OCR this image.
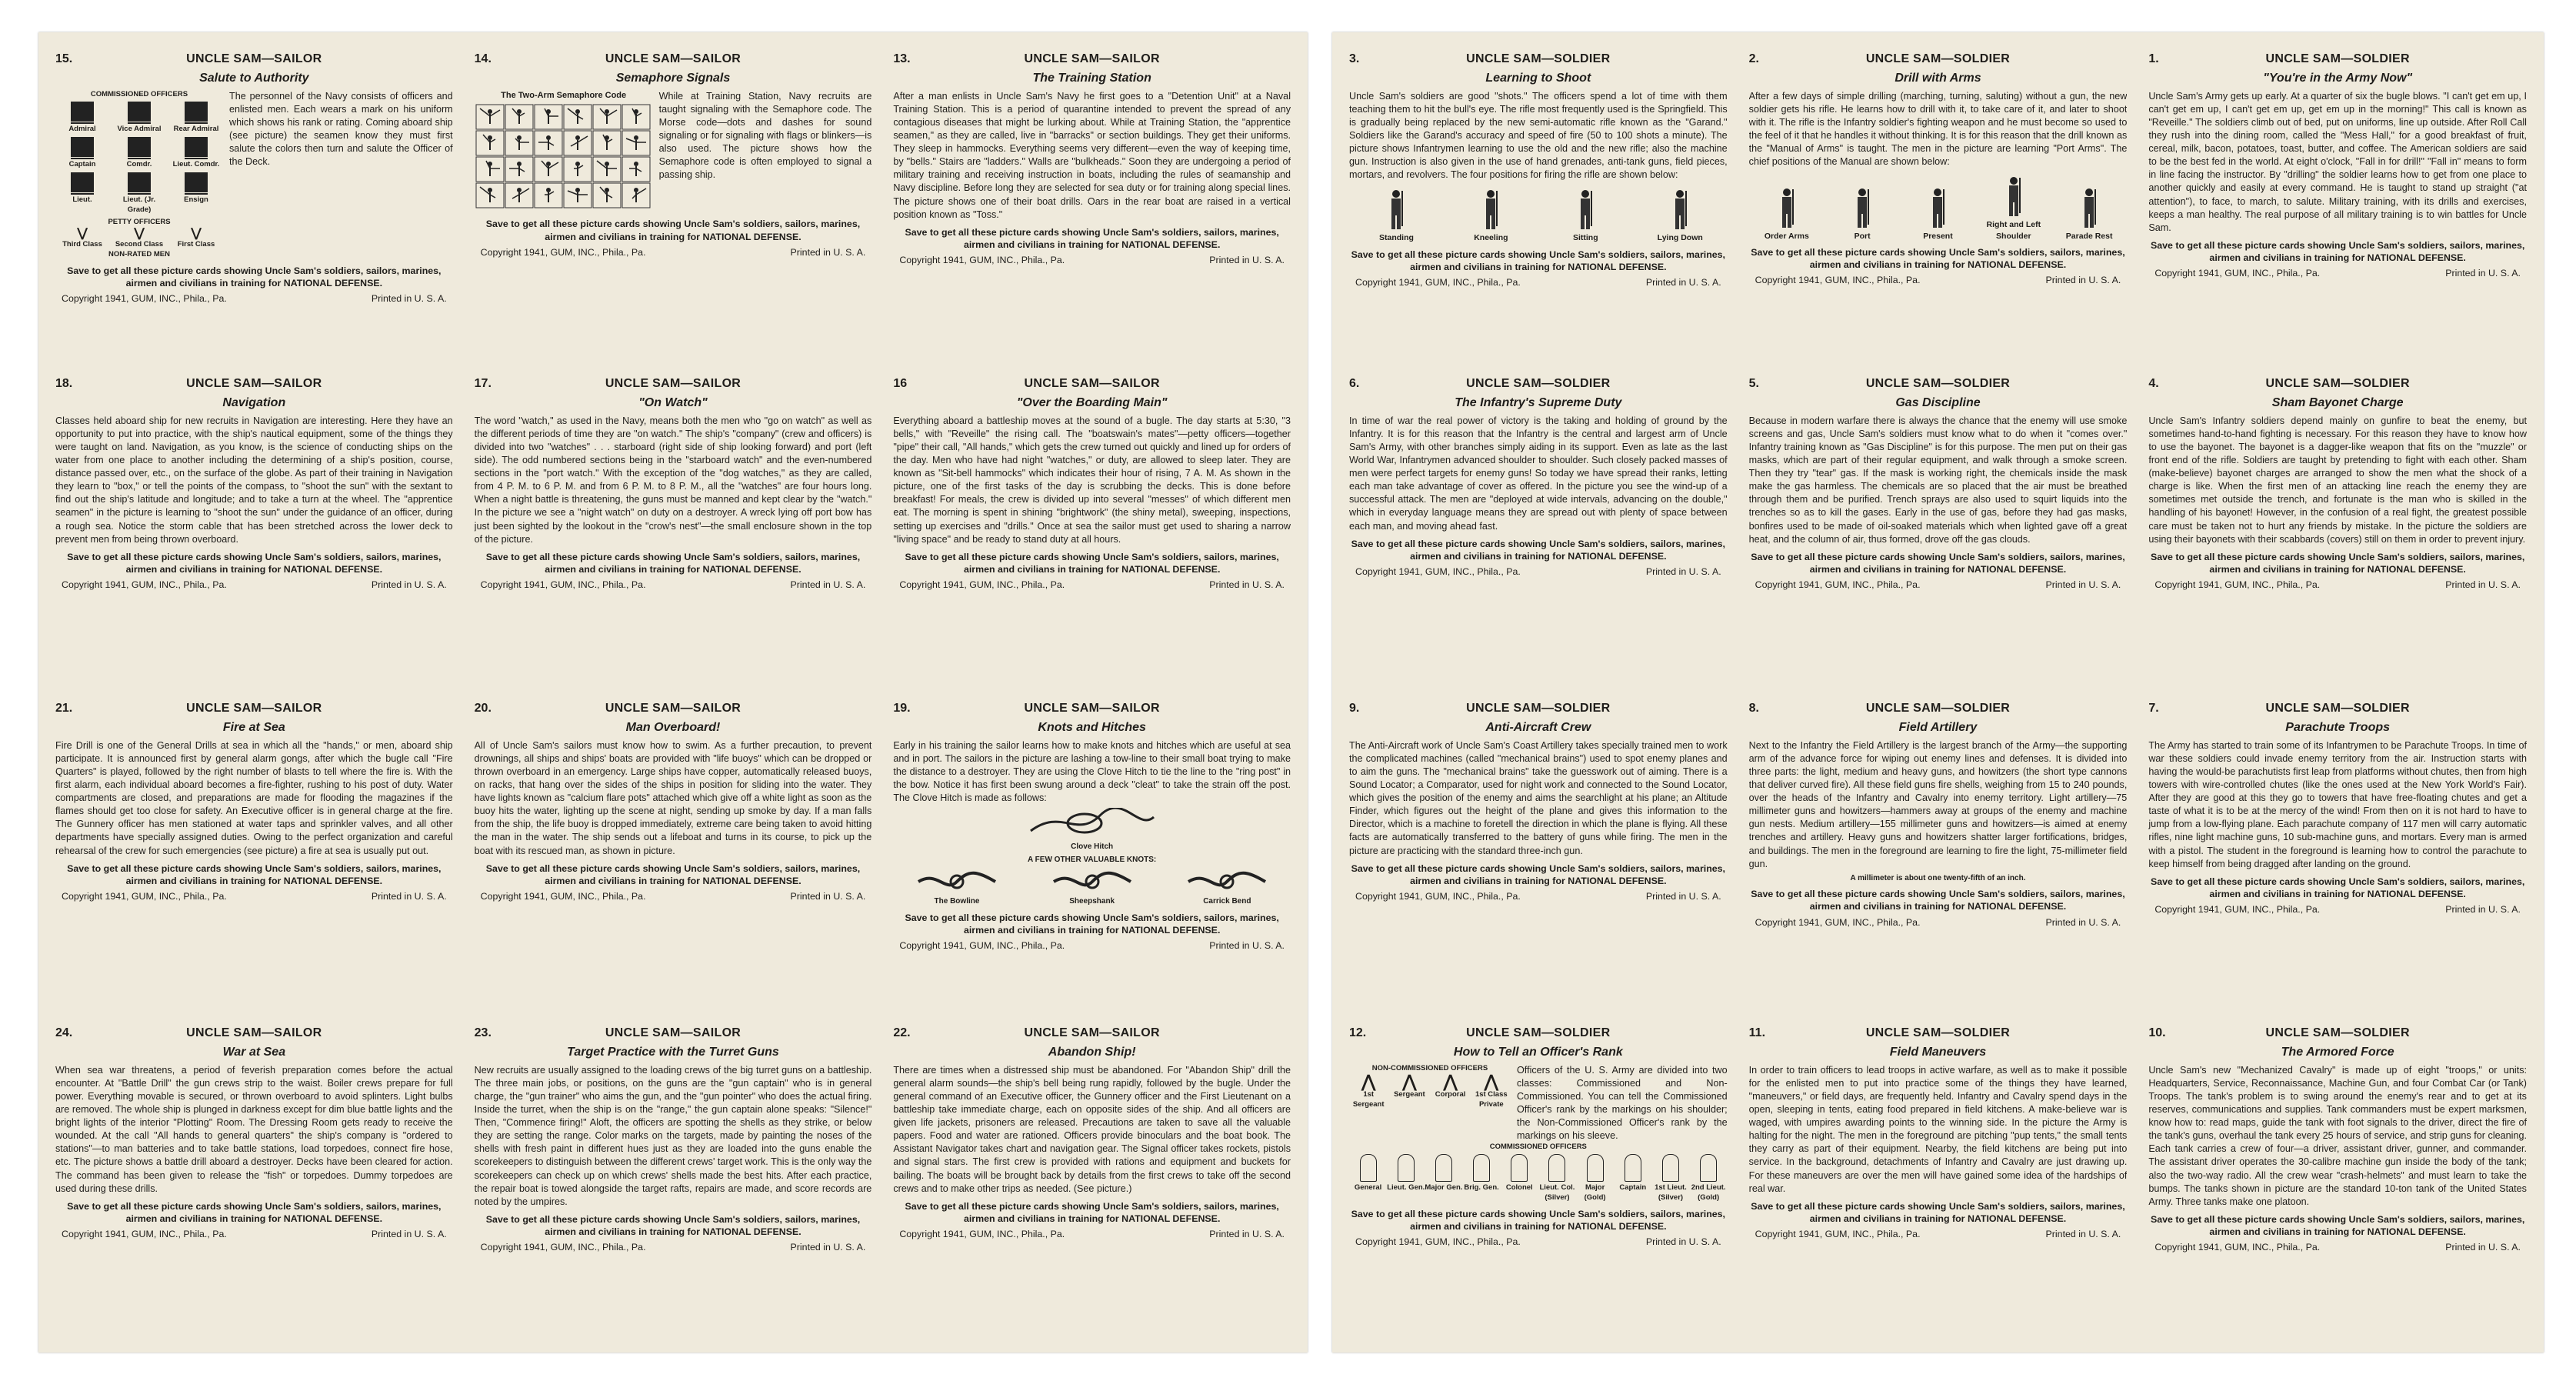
15.	UNCLE SAM—SAILOR
Salute to Authority
COMMISSIONED OFFICERS
Admiral	Vice Admiral	Rear Admiral
Captain	Comdr.	Lieut. Comdr.
Lieut.	Lieut. (Jr. Grade)
Ensign
PETTY OFFICERS
⋁
Third Class
⋁
Second Class
⋁
First Class
NON-RATED MEN
The personnel of the Navy consists of officers and enlisted men. Each wears a mark on his uniform which shows his rank or rating. Coming aboard ship (see picture) the seamen know they must first salute the colors then turn and salute the Officer of the Deck.
Save to get all these picture cards showing Uncle Sam's soldiers, sailors, marines, airmen and civilians in training for NATIONAL DEFENSE.
Copyright 1941, GUM, INC., Phila., Pa.	Printed in U. S. A.
14.	UNCLE SAM—SAILOR
Semaphore Signals
The Two-Arm Semaphore Code	While at Training Station, Navy recruits are taught signaling with the Semaphore code. The Morse code—dots and dashes for sound signaling or for signaling with flags or blinkers—is also used. The picture shows how the Semaphore code is often employed to signal a passing ship.
Save to get all these picture cards showing Uncle Sam's soldiers, sailors, marines, airmen and civilians in training for NATIONAL DEFENSE.
Copyright 1941, GUM, INC., Phila., Pa.	Printed in U. S. A.
13.	UNCLE SAM—SAILOR
The Training Station
After a man enlists in Uncle Sam's Navy he first goes to a "Detention Unit" at a Naval Training Station. This is a period of quarantine intended to prevent the spread of any contagious diseases that might be lurking about. While at Training Station, the "apprentice seamen," as they are called, live in "barracks" or section buildings. They get their uniforms. They sleep in hammocks. Everything seems very different—even the way of keeping time, by "bells." Stairs are "ladders." Walls are "bulkheads." Soon they are undergoing a period of military training and receiving instruction in boats, including the rules of seamanship and Navy discipline. Before long they are selected for sea duty or for training along special lines. The picture shows one of their boat drills. Oars in the rear boat are raised in a vertical position known as "Toss."
Save to get all these picture cards showing Uncle Sam's soldiers, sailors, marines, airmen and civilians in training for NATIONAL DEFENSE.
Copyright 1941, GUM, INC., Phila., Pa.	Printed in U. S. A.
18.	UNCLE SAM—SAILOR
Navigation
Classes held aboard ship for new recruits in Navigation are interesting. Here they have an opportunity to put into practice, with the ship's nautical equipment, some of the things they were taught on land. Navigation, as you know, is the science of conducting ships on the water from one place to another including the determining of a ship's position, course, distance passed over, etc., on the surface of the globe. As part of their training in Navigation they learn to "box," or tell the points of the compass, to "shoot the sun" with the sextant to find out the ship's latitude and longitude; and to take a turn at the wheel. The "apprentice seamen" in the picture is learning to "shoot the sun" under the guidance of an officer, during a rough sea. Notice the storm cable that has been stretched across the lower deck to prevent men from being thrown overboard.
Save to get all these picture cards showing Uncle Sam's soldiers, sailors, marines, airmen and civilians in training for NATIONAL DEFENSE.
Copyright 1941, GUM, INC., Phila., Pa.	Printed in U. S. A.
17.	UNCLE SAM—SAILOR
"On Watch"
The word "watch," as used in the Navy, means both the men who "go on watch" as well as the different periods of time they are "on watch." The ship's "company" (crew and officers) is divided into two "watches" . . . starboard (right side of ship looking forward) and port (left side). The odd numbered sections being in the "starboard watch" and the even-numbered sections in the "port watch." With the exception of the "dog watches," as they are called, from 4 P. M. to 6 P. M. and from 6 P. M. to 8 P. M., all the "watches" are four hours long. When a night battle is threatening, the guns must be manned and kept clear by the "watch." In the picture we see a "night watch" on duty on a destroyer. A wreck lying off port bow has just been sighted by the lookout in the "crow's nest"—the small enclosure shown in the top of the picture.
Save to get all these picture cards showing Uncle Sam's soldiers, sailors, marines, airmen and civilians in training for NATIONAL DEFENSE.
Copyright 1941, GUM, INC., Phila., Pa.	Printed in U. S. A.
16	UNCLE SAM—SAILOR
"Over the Boarding Main"
Everything aboard a battleship moves at the sound of a bugle. The day starts at 5:30, "3 bells," with "Reveille" the rising call. The "boatswain's mates"—petty officers—together "pipe" their call, "All hands," which gets the crew turned out quickly and lined up for orders of the day. Men who have had night "watches," or duty, are allowed to sleep later. They are known as "Sit-bell hammocks" which indicates their hour of rising, 7 A. M. As shown in the picture, one of the first tasks of the day is scrubbing the decks. This is done before breakfast! For meals, the crew is divided up into several "messes" of which different men eat. The morning is spent in shining "brightwork" (the shiny metal), sweeping, inspections, setting up exercises and "drills." Once at sea the sailor must get used to sharing a narrow "living space" and be ready to stand duty at all hours.
Save to get all these picture cards showing Uncle Sam's soldiers, sailors, marines, airmen and civilians in training for NATIONAL DEFENSE.
Copyright 1941, GUM, INC., Phila., Pa.	Printed in U. S. A.
21.	UNCLE SAM—SAILOR
Fire at Sea
Fire Drill is one of the General Drills at sea in which all the "hands," or men, aboard ship participate. It is announced first by general alarm gongs, after which the bugle call "Fire Quarters" is played, followed by the right number of blasts to tell where the fire is. With the first alarm, each individual aboard becomes a fire-fighter, rushing to his post of duty. Water compartments are closed, and preparations are made for flooding the magazines if the flames should get too close for safety. An Executive officer is in general charge at the fire. The Gunnery officer has men stationed at water taps and sprinkler valves, and all other departments have specially assigned duties. Owing to the perfect organization and careful rehearsal of the crew for such emergencies (see picture) a fire at sea is usually put out.
Save to get all these picture cards showing Uncle Sam's soldiers, sailors, marines, airmen and civilians in training for NATIONAL DEFENSE.
Copyright 1941, GUM, INC., Phila., Pa.	Printed in U. S. A.
20.	UNCLE SAM—SAILOR
Man Overboard!
All of Uncle Sam's sailors must know how to swim. As a further precaution, to prevent drownings, all ships and ships' boats are provided with "life buoys" which can be dropped or thrown overboard in an emergency. Large ships have copper, automatically released buoys, on racks, that hang over the sides of the ships in position for sliding into the water. They have lights known as "calcium flare pots" attached which give off a white light as soon as the buoy hits the water, lighting up the scene at night, sending up smoke by day. If a man falls from the ship, the life buoy is dropped immediately, extreme care being taken to avoid hitting the man in the water. The ship sends out a lifeboat and turns in its course, to pick up the boat with its rescued man, as shown in picture.
Save to get all these picture cards showing Uncle Sam's soldiers, sailors, marines, airmen and civilians in training for NATIONAL DEFENSE.
Copyright 1941, GUM, INC., Phila., Pa.	Printed in U. S. A.
19.	UNCLE SAM—SAILOR
Knots and Hitches
Early in his training the sailor learns how to make knots and hitches which are useful at sea and in port. The sailors in the picture are lashing a tow-line to their small boat trying to make the distance to a destroyer. They are using the Clove Hitch to tie the line to the "ring post" in the bow. Notice it has first been swung around a deck "cleat" to take the strain off the post. The Clove Hitch is made as follows:
Clove Hitch
A FEW OTHER VALUABLE KNOTS:
The Bowline	Sheepshank	Carrick Bend
Save to get all these picture cards showing Uncle Sam's soldiers, sailors, marines, airmen and civilians in training for NATIONAL DEFENSE.
Copyright 1941, GUM, INC., Phila., Pa.	Printed in U. S. A.
24.	UNCLE SAM—SAILOR
War at Sea
When sea war threatens, a period of feverish preparation comes before the actual encounter. At "Battle Drill" the gun crews strip to the waist. Boiler crews prepare for full power. Everything movable is secured, or thrown overboard to avoid splinters. Light bulbs are removed. The whole ship is plunged in darkness except for dim blue battle lights and the bright lights of the interior "Plotting" Room. The Dressing Room gets ready to receive the wounded. At the call "All hands to general quarters" the ship's company is "ordered to stations"—to man batteries and to take battle stations, load torpedoes, connect fire hose, etc. The picture shows a battle drill aboard a destroyer. Decks have been cleared for action. The command has been given to release the "fish" or torpedoes. Dummy torpedoes are used during these drills.
Save to get all these picture cards showing Uncle Sam's soldiers, sailors, marines, airmen and civilians in training for NATIONAL DEFENSE.
Copyright 1941, GUM, INC., Phila., Pa.	Printed in U. S. A.
23.	UNCLE SAM—SAILOR
Target Practice with the Turret Guns
New recruits are usually assigned to the loading crews of the big turret guns on a battleship. The three main jobs, or positions, on the guns are the "gun captain" who is in general charge, the "gun trainer" who aims the gun, and the "gun pointer" who does the actual firing. Inside the turret, when the ship is on the "range," the gun captain alone speaks: "Silence!" Then, "Commence firing!" Aloft, the officers are spotting the shells as they strike, or below they are setting the range. Color marks on the targets, made by painting the noses of the shells with fresh paint in different hues just as they are loaded into the guns enable the scorekeepers to distinguish between the different crews' target work. This is the only way the scorekeepers can check up on which crews' shells made the best hits. After each practice, the repair boat is towed alongside the target rafts, repairs are made, and score records are noted by the umpires.
Save to get all these picture cards showing Uncle Sam's soldiers, sailors, marines, airmen and civilians in training for NATIONAL DEFENSE.
Copyright 1941, GUM, INC., Phila., Pa.	Printed in U. S. A.
22.	UNCLE SAM—SAILOR
Abandon Ship!
There are times when a distressed ship must be abandoned. For "Abandon Ship" drill the general alarm sounds—the ship's bell being rung rapidly, followed by the bugle. Under the general command of an Executive officer, the Gunnery officer and the First Lieutenant on a battleship take immediate charge, each on opposite sides of the ship. And all officers are given life jackets, prisoners are released. Precautions are taken to save all the valuable papers. Food and water are rationed. Officers provide binoculars and the boat book. The Assistant Navigator takes chart and navigation gear. The Signal officer takes rockets, pistols and signal stars. The first crew is provided with rations and equipment and buckets for bailing. The boats will be brought back by details from the first crews to take off the second crews and to make other trips as needed. (See picture.)
Save to get all these picture cards showing Uncle Sam's soldiers, sailors, marines, airmen and civilians in training for NATIONAL DEFENSE.
Copyright 1941, GUM, INC., Phila., Pa.	Printed in U. S. A.
3.	UNCLE SAM—SOLDIER
Learning to Shoot
Uncle Sam's soldiers are good "shots." The officers spend a lot of time with them teaching them to hit the bull's eye. The rifle most frequently used is the Springfield. This is gradually being replaced by the new semi-automatic rifle known as the "Garand." Soldiers like the Garand's accuracy and speed of fire (50 to 100 shots a minute). The picture shows Infantrymen learning to use the old and the new rifle; also the machine gun. Instruction is also given in the use of hand grenades, anti-tank guns, field pieces, mortars, and revolvers. The four positions for firing the rifle are shown below:
Standing	Kneeling	Sitting	Lying Down
Save to get all these picture cards showing Uncle Sam's soldiers, sailors, marines, airmen and civilians in training for NATIONAL DEFENSE.
Copyright 1941, GUM, INC., Phila., Pa.	Printed in U. S. A.
2.	UNCLE SAM—SOLDIER
Drill with Arms
After a few days of simple drilling (marching, turning, saluting) without a gun, the new soldier gets his rifle. He learns how to drill with it, to take care of it, and later to shoot with it. The rifle is the Infantry soldier's fighting weapon and he must become so used to the feel of it that he handles it without thinking. It is for this reason that the drill known as the "Manual of Arms" is taught. The men in the picture are learning "Port Arms". The chief positions of the Manual are shown below:
Order Arms	Port	Present
Right and Left Shoulder	Parade Rest
Save to get all these picture cards showing Uncle Sam's soldiers, sailors, marines, airmen and civilians in training for NATIONAL DEFENSE.
Copyright 1941, GUM, INC., Phila., Pa.	Printed in U. S. A.
1.	UNCLE SAM—SOLDIER
"You're in the Army Now"
Uncle Sam's Army gets up early. At a quarter of six the bugle blows. "I can't get em up, I can't get em up, I can't get em up, get em up in the morning!" This call is known as "Reveille." The soldiers climb out of bed, put on uniforms, line up outside. After Roll Call they rush into the dining room, called the "Mess Hall," for a good breakfast of fruit, cereal, milk, bacon, potatoes, toast, butter, and coffee. The American soldiers are said to be the best fed in the world. At eight o'clock, "Fall in for drill!" "Fall in" means to form in line facing the instructor. By "drilling" the soldier learns how to get from one place to another quickly and easily at every command. He is taught to stand up straight ("at attention"), to face, to march, to salute. Military training, with its drills and exercises, keeps a man healthy. The real purpose of all military training is to win battles for Uncle Sam.
Save to get all these picture cards showing Uncle Sam's soldiers, sailors, marines, airmen and civilians in training for NATIONAL DEFENSE.
Copyright 1941, GUM, INC., Phila., Pa.	Printed in U. S. A.
6.	UNCLE SAM—SOLDIER
The Infantry's Supreme Duty
In time of war the real power of victory is the taking and holding of ground by the Infantry. It is for this reason that the Infantry is the central and largest arm of Uncle Sam's Army, with other branches simply aiding in its support. Even as late as the last World War, Infantrymen advanced shoulder to shoulder. Such closely packed masses of men were perfect targets for enemy guns! So today we have spread their ranks, letting each man take advantage of cover as offered. In the picture you see the wind-up of a successful attack. The men are "deployed at wide intervals, advancing on the double," which in everyday language means they are spread out with plenty of space between each man, and moving ahead fast.
Save to get all these picture cards showing Uncle Sam's soldiers, sailors, marines, airmen and civilians in training for NATIONAL DEFENSE.
Copyright 1941, GUM, INC., Phila., Pa.	Printed in U. S. A.
5.	UNCLE SAM—SOLDIER
Gas Discipline
Because in modern warfare there is always the chance that the enemy will use smoke screens and gas, Uncle Sam's soldiers must know what to do when it "comes over." Infantry training known as "Gas Discipline" is for this purpose. The men put on their gas masks, which are part of their regular equipment, and walk through a smoke screen. Then they try "tear" gas. If the mask is working right, the chemicals inside the mask make the gas harmless. The chemicals are so placed that the air must be breathed through them and be purified. Trench sprays are also used to squirt liquids into the trenches so as to kill the gases. Early in the use of gas, before they had gas masks, bonfires used to be made of oil-soaked materials which when lighted gave off a great heat, and the column of air, thus formed, drove off the gas clouds.
Save to get all these picture cards showing Uncle Sam's soldiers, sailors, marines, airmen and civilians in training for NATIONAL DEFENSE.
Copyright 1941, GUM, INC., Phila., Pa.	Printed in U. S. A.
4.	UNCLE SAM—SOLDIER
Sham Bayonet Charge
Uncle Sam's Infantry soldiers depend mainly on gunfire to beat the enemy, but sometimes hand-to-hand fighting is necessary. For this reason they have to know how to use the bayonet. The bayonet is a dagger-like weapon that fits on the "muzzle" or front end of the rifle. Soldiers are taught by pretending to fight with each other. Sham (make-believe) bayonet charges are arranged to show the men what the shock of a charge is like. When the first men of an attacking line reach the enemy they are sometimes met outside the trench, and fortunate is the man who is skilled in the handling of his bayonet! However, in the confusion of a real fight, the greatest possible care must be taken not to hurt any friends by mistake. In the picture the soldiers are using their bayonets with their scabbards (covers) still on them in order to prevent injury.
Save to get all these picture cards showing Uncle Sam's soldiers, sailors, marines, airmen and civilians in training for NATIONAL DEFENSE.
Copyright 1941, GUM, INC., Phila., Pa.	Printed in U. S. A.
9.	UNCLE SAM—SOLDIER
Anti-Aircraft Crew
The Anti-Aircraft work of Uncle Sam's Coast Artillery takes specially trained men to work the complicated machines (called "mechanical brains") used to spot enemy planes and to aim the guns. The "mechanical brains" take the guesswork out of aiming. There is a Sound Locator; a Comparator, used for night work and connected to the Sound Locator, which gives the position of the enemy and aims the searchlight at his plane; an Altitude Finder, which figures out the height of the plane and gives this information to the Director, which is a machine to foretell the direction in which the plane is flying. All these facts are automatically transferred to the battery of guns while firing. The men in the picture are practicing with the standard three-inch gun.
Save to get all these picture cards showing Uncle Sam's soldiers, sailors, marines, airmen and civilians in training for NATIONAL DEFENSE.
Copyright 1941, GUM, INC., Phila., Pa.	Printed in U. S. A.
8.	UNCLE SAM—SOLDIER
Field Artillery
Next to the Infantry the Field Artillery is the largest branch of the Army—the supporting arm of the advance force for wiping out enemy lines and defenses. It is divided into three parts: the light, medium and heavy guns, and howitzers (the short type cannons that deliver curved fire). All these field guns fire shells, weighing from 15 to 240 pounds, over the heads of the Infantry and Cavalry into enemy territory. Light artillery—75 millimeter guns and howitzers—hammers away at groups of the enemy and machine gun nests. Medium artillery—155 millimeter guns and howitzers—is aimed at enemy trenches and artillery. Heavy guns and howitzers shatter larger fortifications, bridges, and buildings. The men in the foreground are learning to fire the light, 75-millimeter field gun.
A millimeter is about one twenty-fifth of an inch.
Save to get all these picture cards showing Uncle Sam's soldiers, sailors, marines, airmen and civilians in training for NATIONAL DEFENSE.
Copyright 1941, GUM, INC., Phila., Pa.	Printed in U. S. A.
7.	UNCLE SAM—SOLDIER
Parachute Troops
The Army has started to train some of its Infantrymen to be Parachute Troops. In time of war these soldiers could invade enemy territory from the air. Instruction starts with having the would-be parachutists first leap from platforms without chutes, then from high towers with wire-controlled chutes (like the ones used at the New York World's Fair). After they are good at this they go to towers that have free-floating chutes and get a taste of what it is to be at the mercy of the wind! From then on it is not hard to have to jump from a low-flying plane. Each parachute company of 117 men will carry automatic rifles, nine light machine guns, 10 sub-machine guns, and mortars. Every man is armed with a pistol. The student in the foreground is learning how to control the parachute to keep himself from being dragged after landing on the ground.
Save to get all these picture cards showing Uncle Sam's soldiers, sailors, marines, airmen and civilians in training for NATIONAL DEFENSE.
Copyright 1941, GUM, INC., Phila., Pa.	Printed in U. S. A.
12.	UNCLE SAM—SOLDIER
How to Tell an Officer's Rank
NON-COMMISSIONED OFFICERS
⋀
1st Sergeant
⋀
Sergeant
⋀
Corporal
⋀
1st Class Private
Officers of the U. S. Army are divided into two classes: Commissioned and Non-Commissioned. You can tell the Commissioned Officer's rank by the markings on his shoulder; the Non-Commissioned Officer's rank by the markings on his sleeve.
COMMISSIONED OFFICERS
General Lieut. Gen. Major Gen. Brig. Gen. Colonel Lieut. Col. (Silver)
Major (Gold)
Captain	1st Lieut. (Silver)
2nd Lieut. (Gold)
Save to get all these picture cards showing Uncle Sam's soldiers, sailors, marines, airmen and civilians in training for NATIONAL DEFENSE.
Copyright 1941, GUM, INC., Phila., Pa.	Printed in U. S. A.
11.	UNCLE SAM—SOLDIER
Field Maneuvers
In order to train officers to lead troops in active warfare, as well as to make it possible for the enlisted men to put into practice some of the things they have learned, "maneuvers," or field days, are frequently held. Infantry and Cavalry spend days in the open, sleeping in tents, eating food prepared in field kitchens. A make-believe war is waged, with umpires awarding points to the winning side. In the picture the Army is halting for the night. The men in the foreground are pitching "pup tents," the small tents they carry as part of their equipment. Nearby, the field kitchens are being put into service. In the background, detachments of Infantry and Cavalry are just drawing up. For these maneuvers are over the men will have gained some idea of the hardships of real war.
Save to get all these picture cards showing Uncle Sam's soldiers, sailors, marines, airmen and civilians in training for NATIONAL DEFENSE.
Copyright 1941, GUM, INC., Phila., Pa.	Printed in U. S. A.
10.	UNCLE SAM—SOLDIER
The Armored Force
Uncle Sam's new "Mechanized Cavalry" is made up of eight "troops," or units: Headquarters, Service, Reconnaissance, Machine Gun, and four Combat Car (or Tank) Troops. The tank's problem is to swing around the enemy's rear and to get at its reserves, communications and supplies. Tank commanders must be expert marksmen, know how to: read maps, guide the tank with foot signals to the driver, direct the fire of the tank's guns, overhaul the tank every 25 hours of service, and strip guns for cleaning. Each tank carries a crew of four—a driver, assistant driver, gunner, and commander. The assistant driver operates the 30-calibre machine gun inside the body of the tank; also the two-way radio. All the crew wear "crash-helmets" and must learn to take the bumps. The tanks shown in picture are the standard 10-ton tank of the United States Army. Three tanks make one platoon.
Save to get all these picture cards showing Uncle Sam's soldiers, sailors, marines, airmen and civilians in training for NATIONAL DEFENSE.
Copyright 1941, GUM, INC., Phila., Pa.	Printed in U. S. A.
